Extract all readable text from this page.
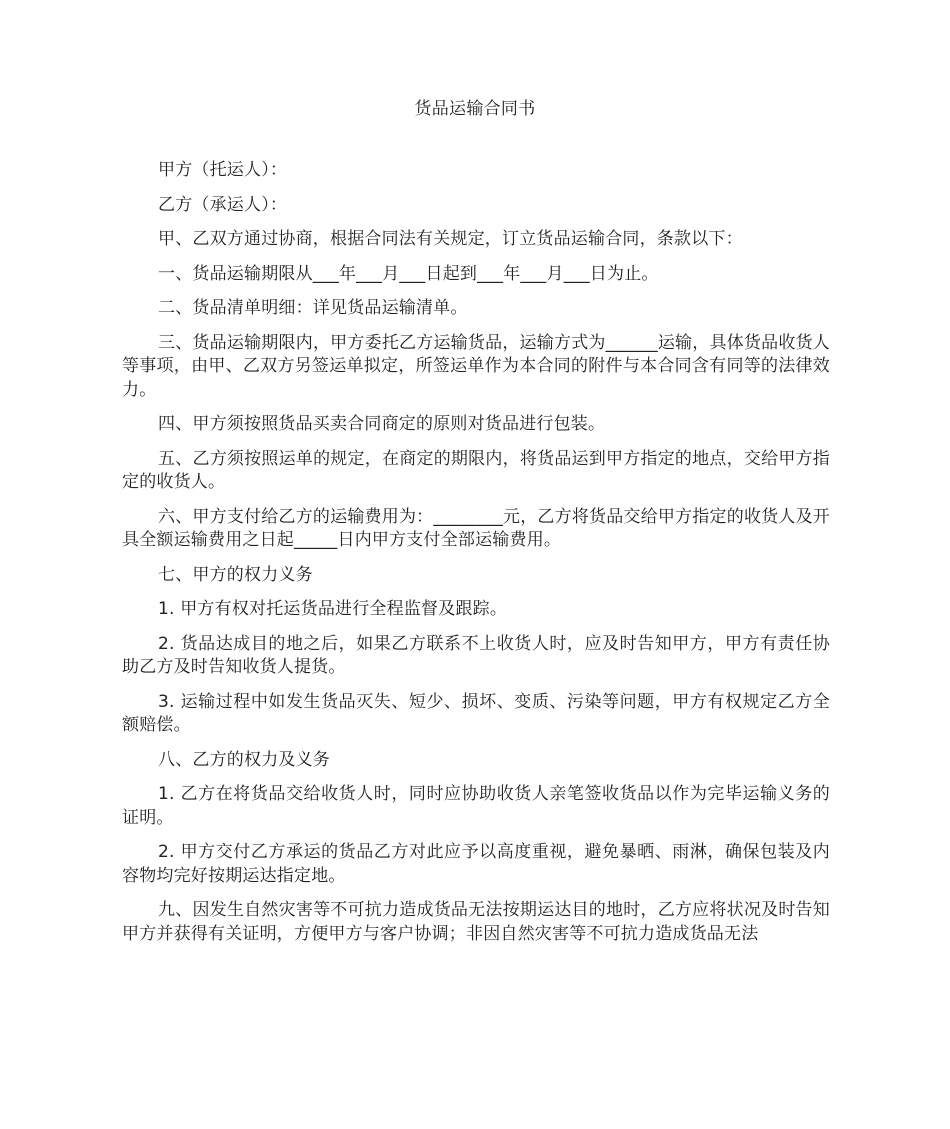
货品运输合同书

甲方（托运人）：

乙方（承运人）：

甲、乙双方通过协商，根据合同法有关规定，订立货品运输合同，条款以下：

一、货品运输期限从___年___月___日起到___年___月___日为止。

二、货品清单明细：详见货品运输清单。

三、货品运输期限内，甲方委托乙方运输货品，运输方式为______运输，具体货品收货人等事项，由甲、乙双方另签运单拟定，所签运单作为本合同的附件与本合同含有同等的法律效力。

四、甲方须按照货品买卖合同商定的原则对货品进行包装。

五、乙方须按照运单的规定，在商定的期限内，将货品运到甲方指定的地点，交给甲方指定的收货人。

六、甲方支付给乙方的运输费用为：________元，乙方将货品交给甲方指定的收货人及开具全额运输费用之日起_____日内甲方支付全部运输费用。

七、甲方的权力义务

1. 甲方有权对托运货品进行全程监督及跟踪。

2. 货品达成目的地之后，如果乙方联系不上收货人时，应及时告知甲方，甲方有责任协助乙方及时告知收货人提货。

3. 运输过程中如发生货品灭失、短少、损坏、变质、污染等问题，甲方有权规定乙方全额赔偿。

八、乙方的权力及义务

1. 乙方在将货品交给收货人时，同时应协助收货人亲笔签收货品以作为完毕运输义务的证明。

2. 甲方交付乙方承运的货品乙方对此应予以高度重视，避免暴晒、雨淋，确保包装及内容物均完好按期运达指定地。

九、因发生自然灾害等不可抗力造成货品无法按期运达目的地时，乙方应将状况及时告知甲方并获得有关证明，方便甲方与客户协调；非因自然灾害等不可抗力造成货品无法
